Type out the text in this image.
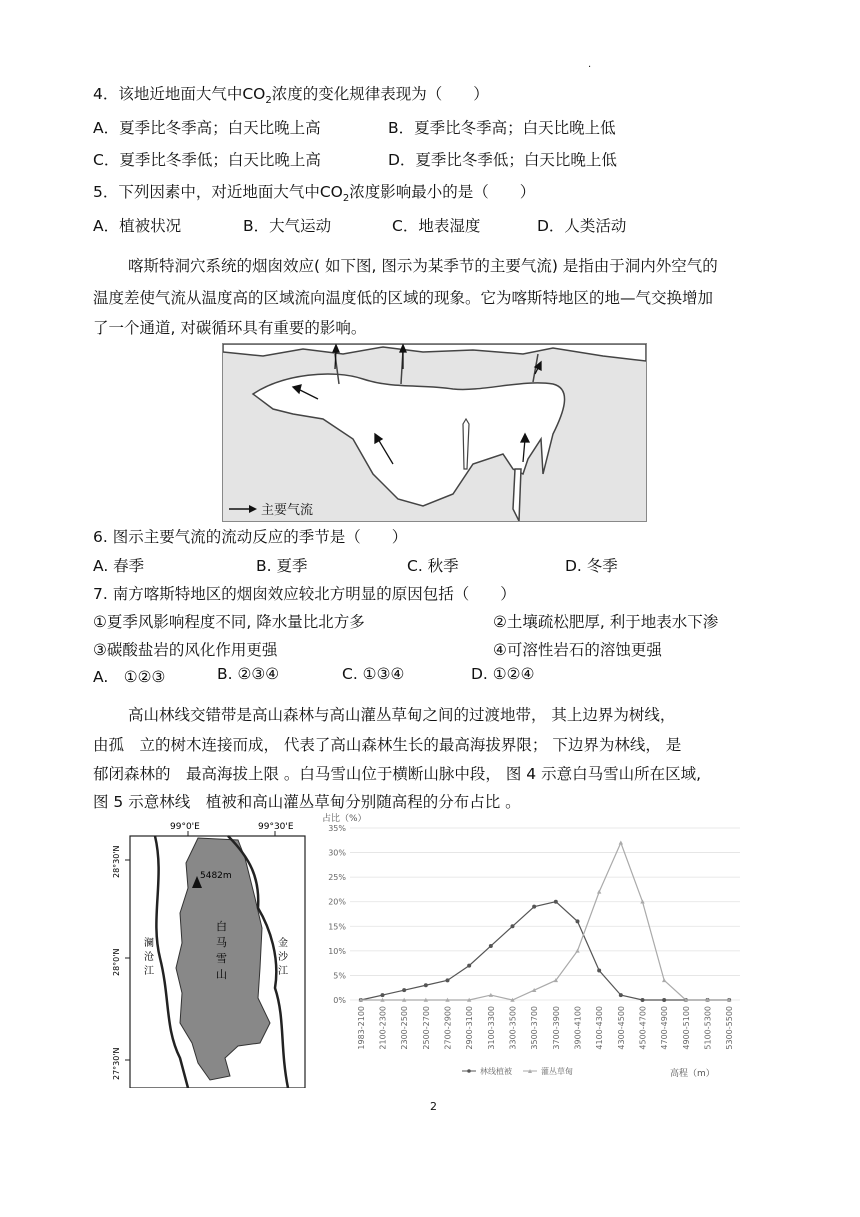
·
4．该地近地面大气中$CO_2$浓度的变化规律表现为（　　）
A．夏季比冬季高；白天比晚上高	B．夏季比冬季高；白天比晚上低
C．夏季比冬季低；白天比晚上高	D．夏季比冬季低；白天比晚上低
5．下列因素中，对近地面大气中$CO_2$浓度影响最小的是（　　）
A．植被状况	B．大气运动	C．地表湿度	D．人类活动
喀斯特洞穴系统的烟囱效应( 如下图, 图示为某季节的主要气流) 是指由于洞内外空气的
温度差使气流从温度高的区域流向温度低的区域的现象。它为喀斯特地区的地—气交换增加
了一个通道, 对碳循环具有重要的影响。
主要气流
6. 图示主要气流的流动反应的季节是（　　）
A. 春季	B. 夏季	C. 秋季	D. 冬季
7. 南方喀斯特地区的烟囱效应较北方明显的原因包括（　　）
①夏季风影响程度不同, 降水量比北方多	②土壤疏松肥厚, 利于地表水下渗
③碳酸盐岩的风化作用更强	④可溶性岩石的溶蚀更强
A.　①②③	B. ②③④	C. ①③④	D. ①②④
高山林线交错带是高山森林与高山灌丛草甸之间的过渡地带， 其上边界为树线，
由孤　立的树木连接而成， 代表了高山森林生长的最高海拔界限； 下边界为林线， 是
郁闭森林的　最高海拔上限 。白马雪山位于横断山脉中段， 图 4 示意白马雪山所在区域,
图 5 示意林线　植被和高山灌丛草甸分别随高程的分布占比 。
99°0'E	99°30'E
28°30'N
28°0'N
27°30'N
5482m
白
马
雪
山
澜
沧
江
金
沙
江
占比（%）
0%
5%
10%
15%
20%
25%
30%
35%
1983-2100 2100-2300 2300-2500 2500-2700 2700-2900 2900-3100 3100-3300 3300-3500 3500-3700 3700-3900 3900-4100 4100-4300 4300-4500 4500-4700 4700-4900 4900-5100 5100-5300 5300-5500
林线植被	灌丛草甸	高程（m）
2
